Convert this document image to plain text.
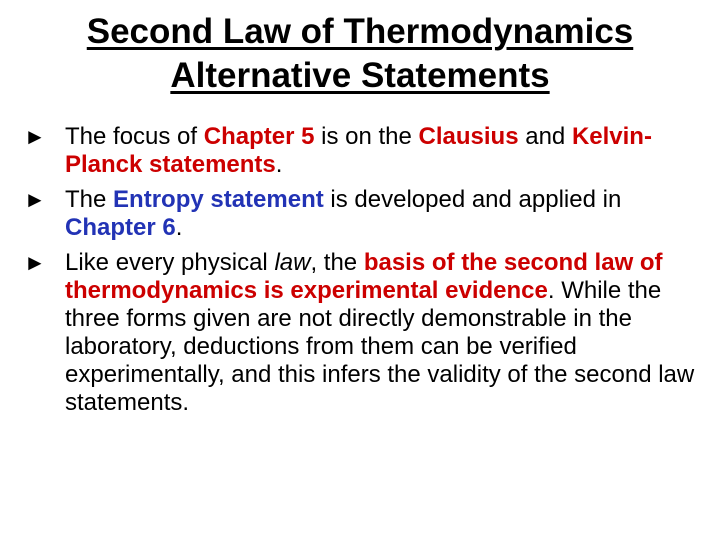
Second Law of Thermodynamics
Alternative Statements
► The focus of Chapter 5 is on the Clausius and Kelvin-Planck statements.
► The Entropy statement is developed and applied in Chapter 6.
► Like every physical law, the basis of the second law of thermodynamics is experimental evidence. While the three forms given are not directly demonstrable in the laboratory, deductions from them can be verified experimentally, and this infers the validity of the second law statements.
